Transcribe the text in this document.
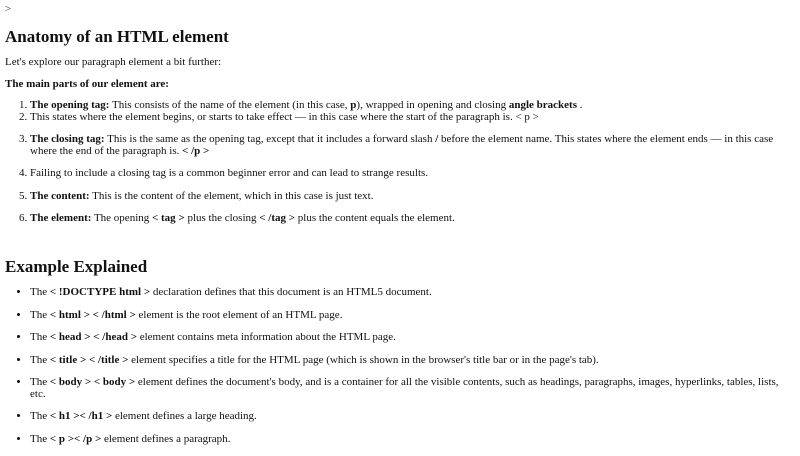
>
Anatomy of an HTML element

Let's explore our paragraph element a bit further:

The main parts of our element are:

1. The opening tag: This consists of the name of the element (in this case, p), wrapped in opening and closing angle brackets .
2. This states where the element begins, or starts to take effect — in this case where the start of the paragraph is. < p >
3. The closing tag: This is the same as the opening tag, except that it includes a forward slash / before the element name. This states where the element ends — in this case where the end of the paragraph is. < /p >
4. Failing to include a closing tag is a common beginner error and can lead to strange results.
5. The content: This is the content of the element, which in this case is just text.
6. The element: The opening < tag > plus the closing < /tag > plus the content equals the element.
Example Explained
• The < !DOCTYPE html > declaration defines that this document is an HTML5 document.
• The < html > < /html > element is the root element of an HTML page.
• The < head > < /head > element contains meta information about the HTML page.
• The < title > < /title > element specifies a title for the HTML page (which is shown in the browser's title bar or in the page's tab).
• The < body > < body > element defines the document's body, and is a container for all the visible contents, such as headings, paragraphs, images, hyperlinks, tables, lists, etc.
• The < h1 >< /h1 > element defines a large heading.
• The < p >< /p > element defines a paragraph.
